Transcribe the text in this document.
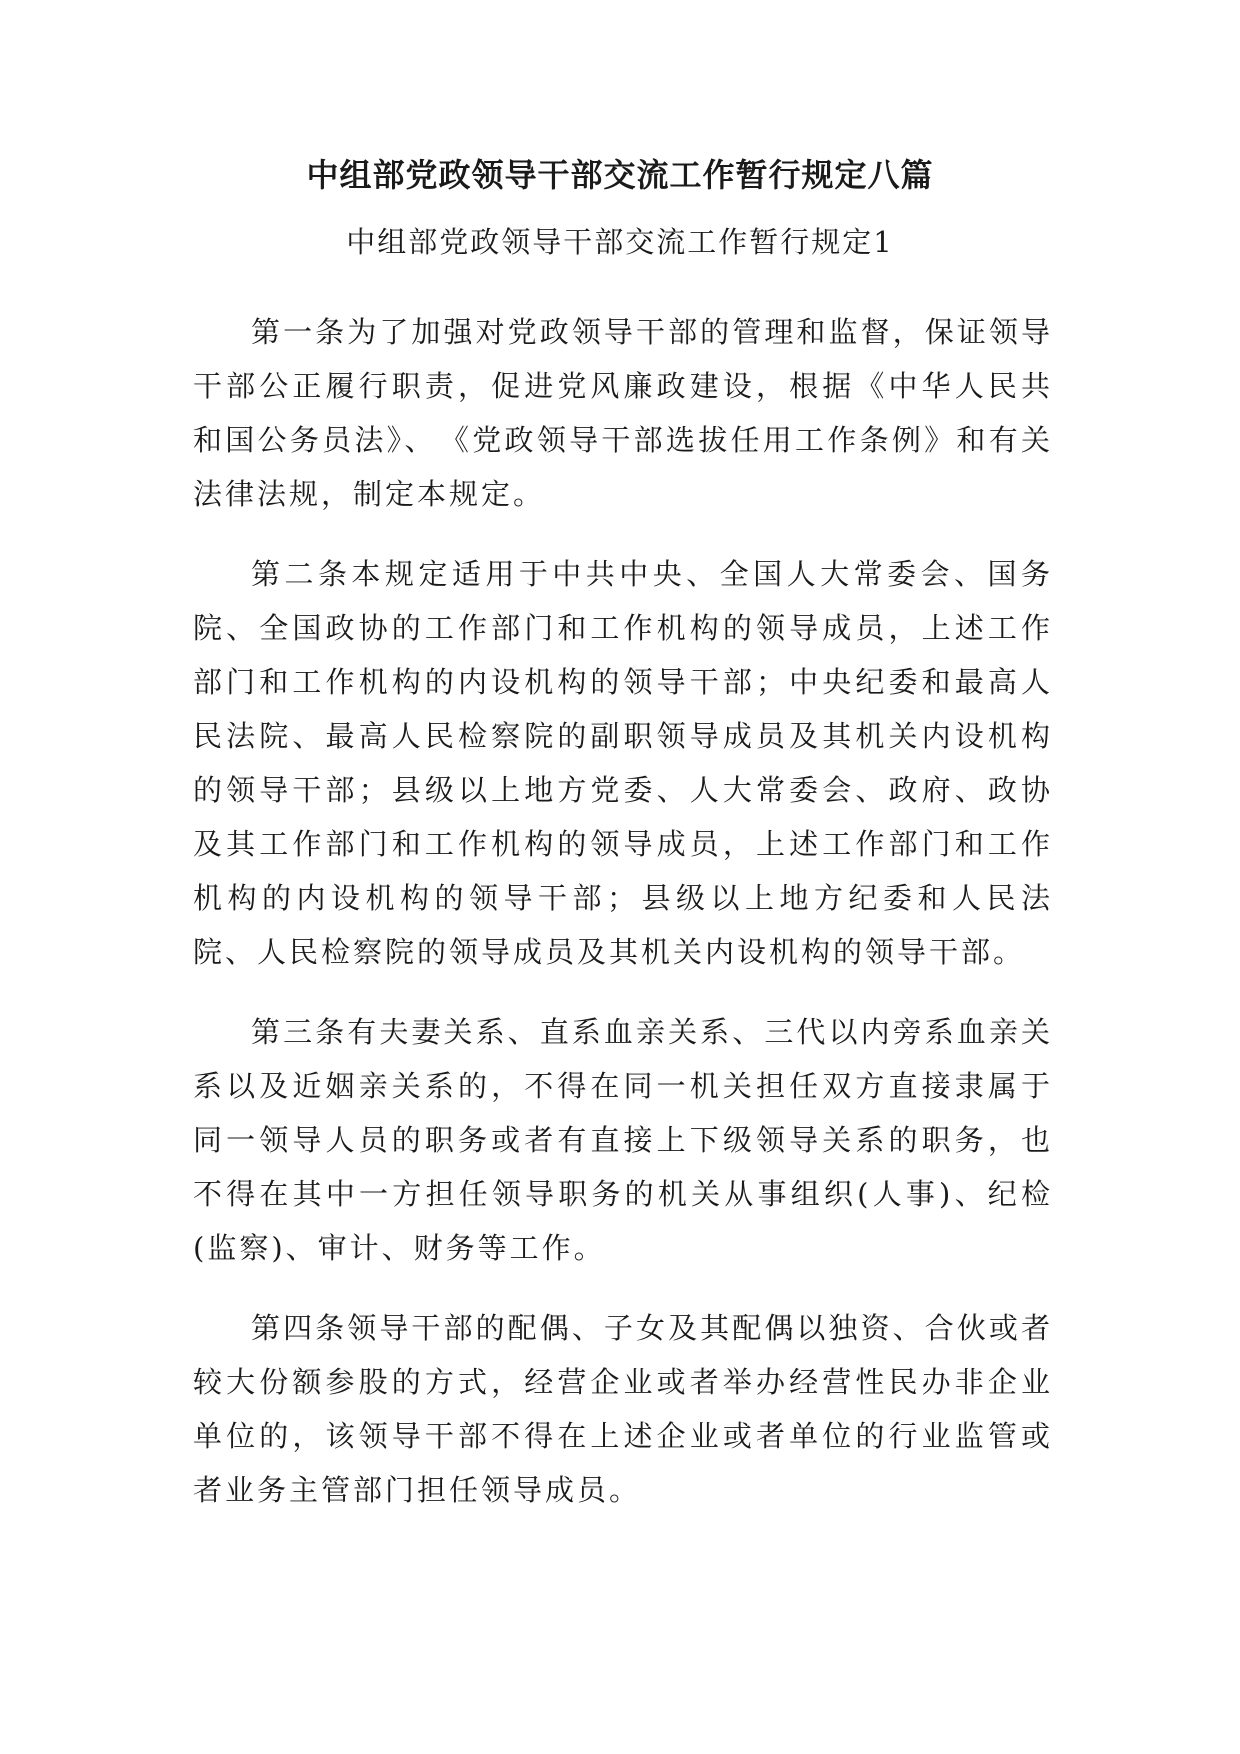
中组部党政领导干部交流工作暂行规定八篇
中组部党政领导干部交流工作暂行规定1

第一条为了加强对党政领导干部的管理和监督，保证领导干部公正履行职责，促进党风廉政建设，根据《中华人民共和国公务员法》、　《党政领导干部选拔任用工作条例》和有关法律法规，制定本规定。

第二条本规定适用于中共中央、全国人大常委会、国务院、全国政协的工作部门和工作机构的领导成员，上述工作部门和工作机构的内设机构的领导干部；中央纪委和最高人民法院、最高人民检察院的副职领导成员及其机关内设机构的领导干部；县级以上地方党委、人大常委会、政府、政协及其工作部门和工作机构的领导成员，上述工作部门和工作机构的内设机构的领导干部；县级以上地方纪委和人民法院、人民检察院的领导成员及其机关内设机构的领导干部。

第三条有夫妻关系、直系血亲关系、三代以内旁系血亲关系以及近姻亲关系的，不得在同一机关担任双方直接隶属于同一领导人员的职务或者有直接上下级领导关系的职务，也不得在其中一方担任领导职务的机关从事组织(人事)、纪检(监察)、审计、财务等工作。

第四条领导干部的配偶、子女及其配偶以独资、合伙或者较大份额参股的方式，经营企业或者举办经营性民办非企业单位的，该领导干部不得在上述企业或者单位的行业监管或者业务主管部门担任领导成员。
